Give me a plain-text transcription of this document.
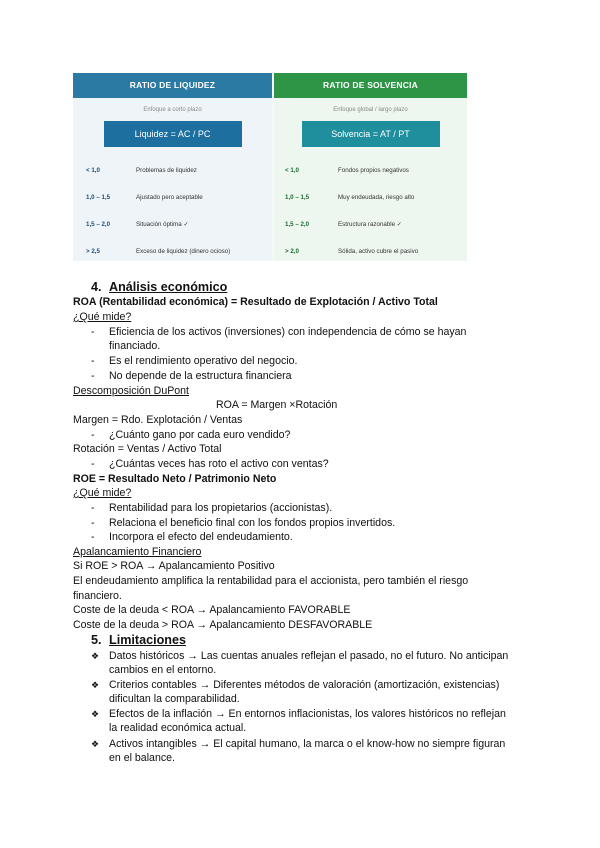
RATIO DE LIQUIDEZ
Enfoque a corto plazo
Liquidez = AC / PC
< 1,0	Problemas de liquidez
1,0 – 1,5	Ajustado pero aceptable
1,5 – 2,0	Situación óptima ✓
> 2,5	Exceso de liquidez (dinero ocioso)
RATIO DE SOLVENCIA
Enfoque global / largo plazo
Solvencia = AT / PT
< 1,0	Fondos propios negativos
1,0 – 1,5	Muy endeudada, riesgo alto
1,5 – 2,0	Estructura razonable ✓
> 2,0	Sólida, activo cubre el pasivo
4. Análisis económico
ROA (Rentabilidad económica) = Resultado de Explotación / Activo Total
¿Qué mide?
- Eficiencia de los activos (inversiones) con independencia de cómo se hayan
financiado.
- Es el rendimiento operativo del negocio.
- No depende de la estructura financiera
Descomposición DuPont
ROA = Margen ×Rotación
Margen = Rdo. Explotación / Ventas
- ¿Cuánto gano por cada euro vendido?
Rotación = Ventas / Activo Total
- ¿Cuántas veces has roto el activo con ventas?
ROE = Resultado Neto / Patrimonio Neto
¿Qué mide?
- Rentabilidad para los propietarios (accionistas).
- Relaciona el beneficio final con los fondos propios invertidos.
- Incorpora el efecto del endeudamiento.
Apalancamiento Financiero
Si ROE > ROA → Apalancamiento Positivo
El endeudamiento amplifica la rentabilidad para el accionista, pero también el riesgo
financiero.
Coste de la deuda < ROA → Apalancamiento FAVORABLE
Coste de la deuda > ROA → Apalancamiento DESFAVORABLE
5. Limitaciones
❖ Datos históricos → Las cuentas anuales reflejan el pasado, no el futuro. No anticipan
cambios en el entorno.
❖ Criterios contables → Diferentes métodos de valoración (amortización, existencias)
dificultan la comparabilidad.
❖ Efectos de la inflación → En entornos inflacionistas, los valores históricos no reflejan
la realidad económica actual.
❖ Activos intangibles → El capital humano, la marca o el know-how no siempre figuran
en el balance.
